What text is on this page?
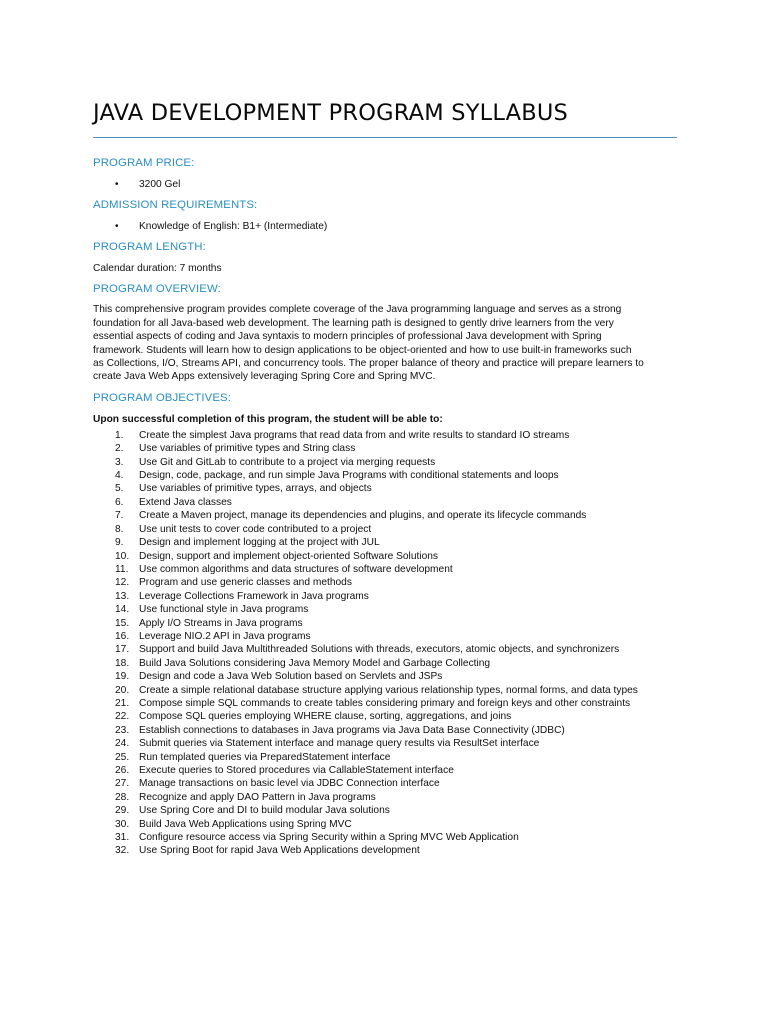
JAVA DEVELOPMENT PROGRAM SYLLABUS
PROGRAM PRICE:

• 3200 Gel

ADMISSION REQUIREMENTS:

• Knowledge of English: B1+ (Intermediate)

PROGRAM LENGTH:

Calendar duration: 7 months

PROGRAM OVERVIEW:
This comprehensive program provides complete coverage of the Java programming language and serves as a strong
foundation for all Java-based web development. The learning path is designed to gently drive learners from the very
essential aspects of coding and Java syntaxis to modern principles of professional Java development with Spring
framework. Students will learn how to design applications to be object-oriented and how to use built-in frameworks such
as Collections, I/O, Streams API, and concurrency tools. The proper balance of theory and practice will prepare learners to
create Java Web Apps extensively leveraging Spring Core and Spring MVC.
PROGRAM OBJECTIVES:

Upon successful completion of this program, the student will be able to:

1. Create the simplest Java programs that read data from and write results to standard IO streams
2. Use variables of primitive types and String class
3. Use Git and GitLab to contribute to a project via merging requests
4. Design, code, package, and run simple Java Programs with conditional statements and loops
5. Use variables of primitive types, arrays, and objects
6. Extend Java classes
7. Create a Maven project, manage its dependencies and plugins, and operate its lifecycle commands
8. Use unit tests to cover code contributed to a project
9. Design and implement logging at the project with JUL
10. Design, support and implement object-oriented Software Solutions
11. Use common algorithms and data structures of software development
12. Program and use generic classes and methods
13. Leverage Collections Framework in Java programs
14. Use functional style in Java programs
15. Apply I/O Streams in Java programs
16. Leverage NIO.2 API in Java programs
17. Support and build Java Multithreaded Solutions with threads, executors, atomic objects, and synchronizers
18. Build Java Solutions considering Java Memory Model and Garbage Collecting
19. Design and code a Java Web Solution based on Servlets and JSPs
20. Create a simple relational database structure applying various relationship types, normal forms, and data types
21. Compose simple SQL commands to create tables considering primary and foreign keys and other constraints
22. Compose SQL queries employing WHERE clause, sorting, aggregations, and joins
23. Establish connections to databases in Java programs via Java Data Base Connectivity (JDBC)
24. Submit queries via Statement interface and manage query results via ResultSet interface
25. Run templated queries via PreparedStatement interface
26. Execute queries to Stored procedures via CallableStatement interface
27. Manage transactions on basic level via JDBC Connection interface
28. Recognize and apply DAO Pattern in Java programs
29. Use Spring Core and DI to build modular Java solutions
30. Build Java Web Applications using Spring MVC
31. Configure resource access via Spring Security within a Spring MVC Web Application
32. Use Spring Boot for rapid Java Web Applications development
